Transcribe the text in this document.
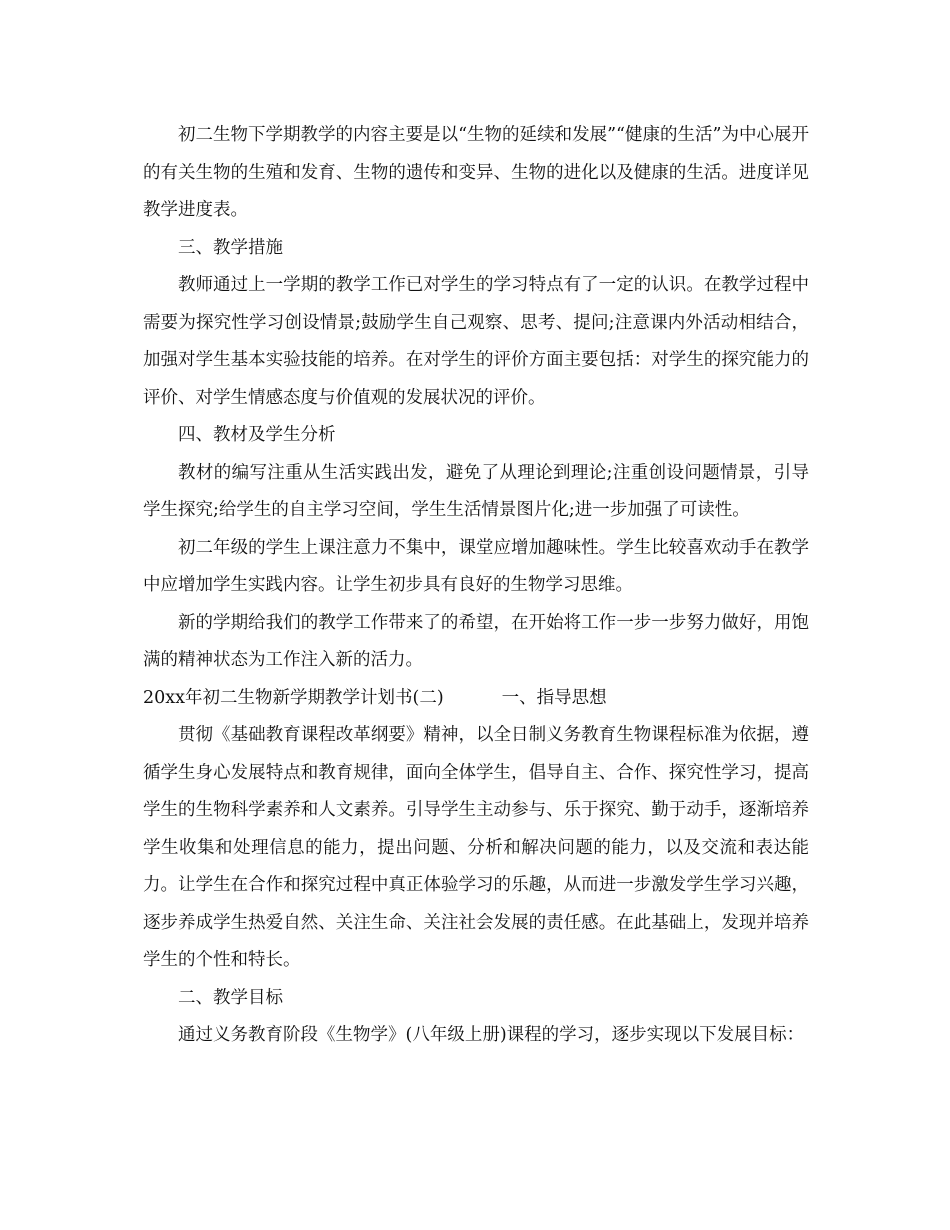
初二生物下学期教学的内容主要是以“生物的延续和发展”“健康的生活”为中心展开的有关生物的生殖和发育、生物的遗传和变异、生物的进化以及健康的生活。进度详见教学进度表。

三、教学措施

教师通过上一学期的教学工作已对学生的学习特点有了一定的认识。在教学过程中需要为探究性学习创设情景;鼓励学生自己观察、思考、提问;注意课内外活动相结合，加强对学生基本实验技能的培养。在对学生的评价方面主要包括：对学生的探究能力的评价、对学生情感态度与价值观的发展状况的评价。

四、教材及学生分析

教材的编写注重从生活实践出发，避免了从理论到理论;注重创设问题情景，引导学生探究;给学生的自主学习空间，学生生活情景图片化;进一步加强了可读性。

初二年级的学生上课注意力不集中，课堂应增加趣味性。学生比较喜欢动手在教学中应增加学生实践内容。让学生初步具有良好的生物学习思维。

新的学期给我们的教学工作带来了的希望，在开始将工作一步一步努力做好，用饱满的精神状态为工作注入新的活力。

20xx年初二生物新学期教学计划书(二)	一、指导思想

贯彻《基础教育课程改革纲要》精神，以全日制义务教育生物课程标准为依据，遵循学生身心发展特点和教育规律，面向全体学生，倡导自主、合作、探究性学习，提高学生的生物科学素养和人文素养。引导学生主动参与、乐于探究、勤于动手，逐渐培养学生收集和处理信息的能力，提出问题、分析和解决问题的能力，以及交流和表达能力。让学生在合作和探究过程中真正体验学习的乐趣，从而进一步激发学生学习兴趣，逐步养成学生热爱自然、关注生命、关注社会发展的责任感。在此基础上，发现并培养学生的个性和特长。

二、教学目标

通过义务教育阶段《生物学》(八年级上册)课程的学习，逐步实现以下发展目标：
